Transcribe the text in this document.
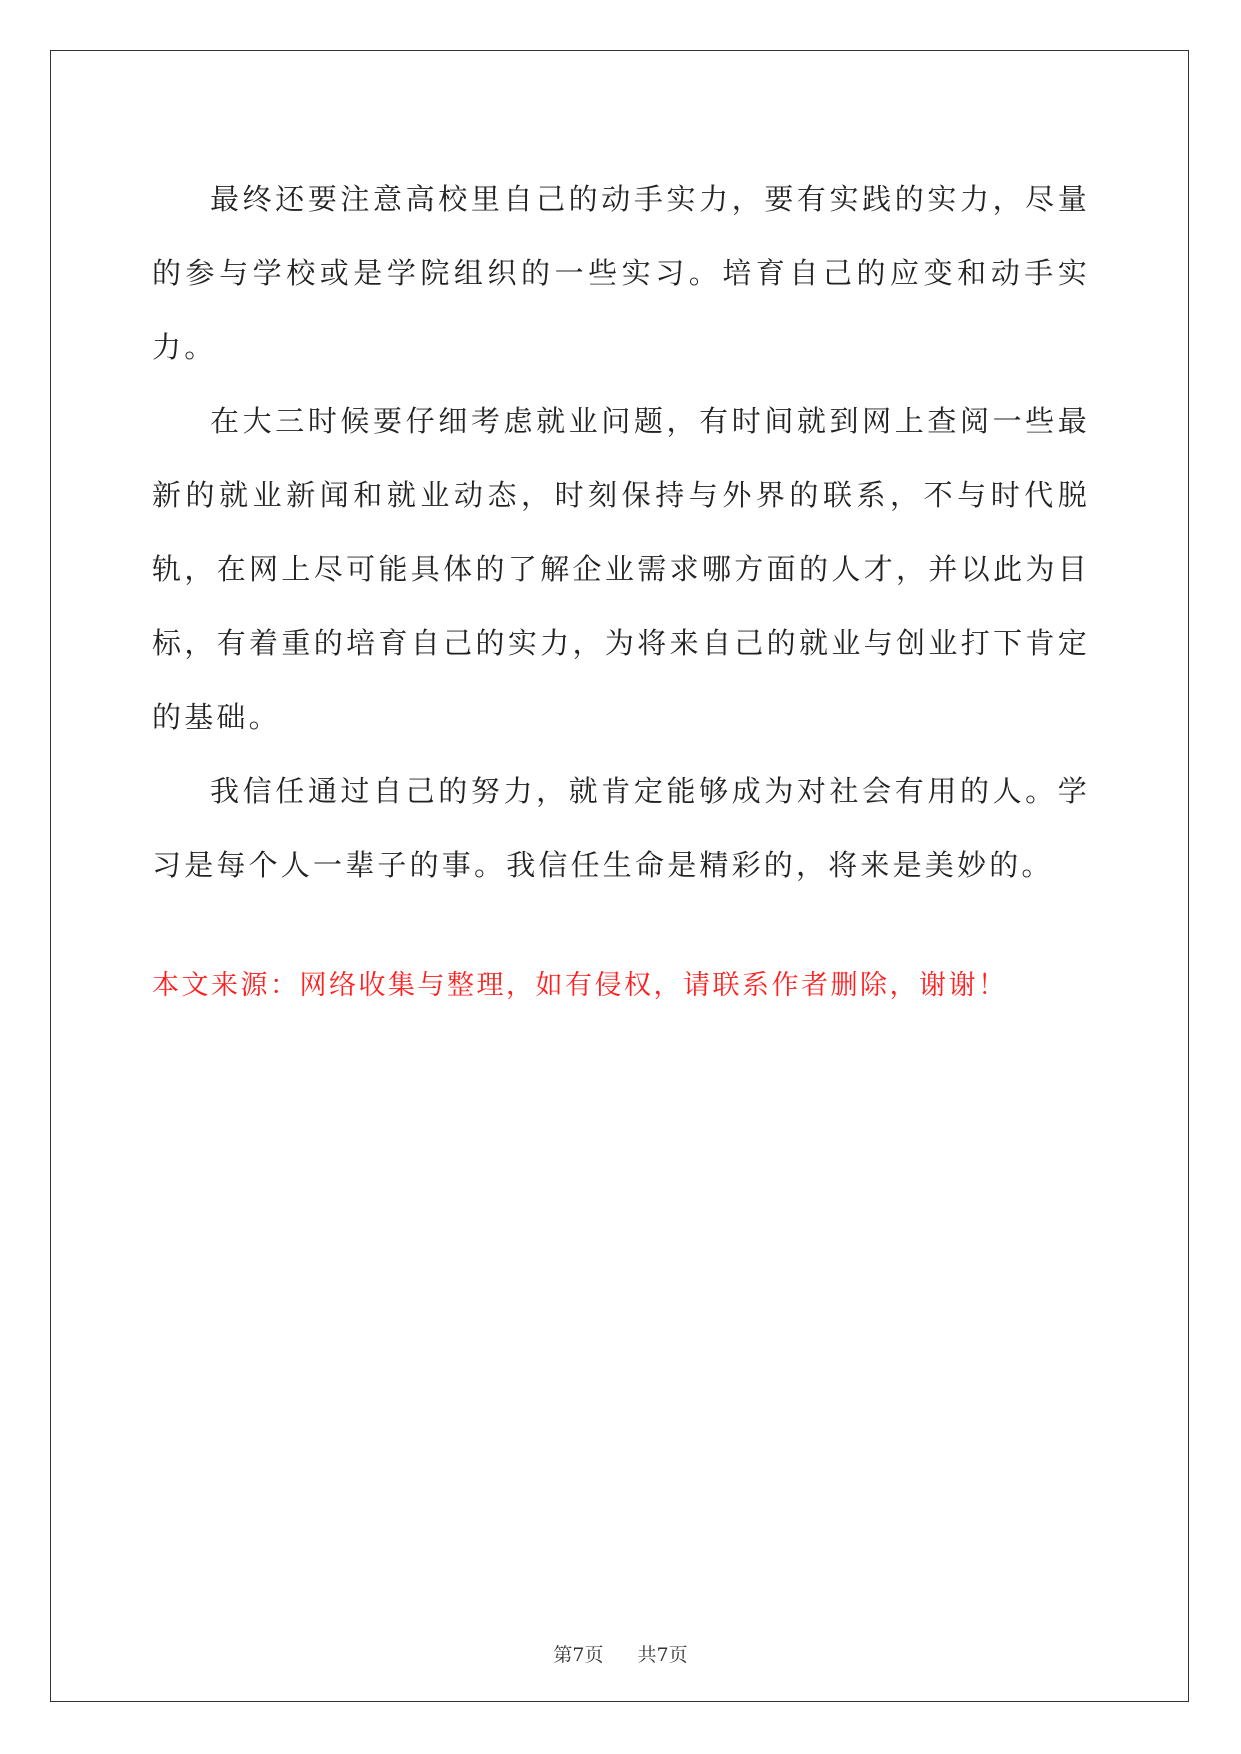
最终还要注意高校里自己的动手实力，要有实践的实力，尽量的参与学校或是学院组织的一些实习。培育自己的应变和动手实力。

在大三时候要仔细考虑就业问题，有时间就到网上查阅一些最新的就业新闻和就业动态，时刻保持与外界的联系，不与时代脱轨，在网上尽可能具体的了解企业需求哪方面的人才，并以此为目标，有着重的培育自己的实力，为将来自己的就业与创业打下肯定的基础。

我信任通过自己的努力，就肯定能够成为对社会有用的人。学习是每个人一辈子的事。我信任生命是精彩的，将来是美妙的。

本文来源：网络收集与整理，如有侵权，请联系作者删除，谢谢！

第7页 共7页
